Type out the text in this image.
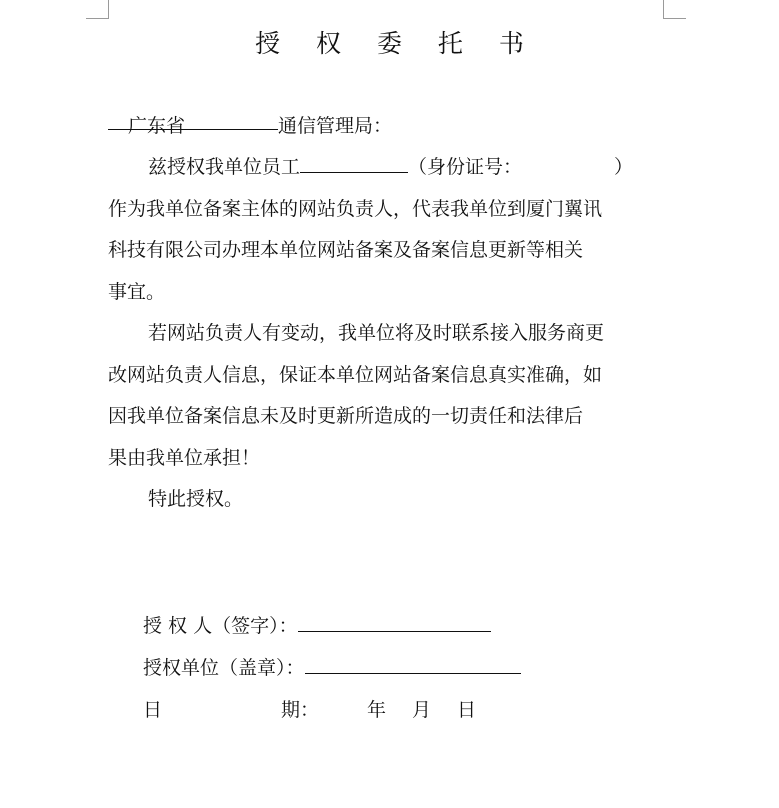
授 权 委 托 书
广东省	通信管理局：
兹授权我单位员工	（身份证号：	）
作为我单位备案主体的网站负责人，代表我单位到厦门翼讯
科技有限公司办理本单位网站备案及备案信息更新等相关
事宜。
若网站负责人有变动，我单位将及时联系接入服务商更
改网站负责人信息，保证本单位网站备案信息真实准确，如
因我单位备案信息未及时更新所造成的一切责任和法律后
果由我单位承担！
特此授权。
授 权 人（签字）：
授权单位（盖章）：
日	期：	年 月 日
